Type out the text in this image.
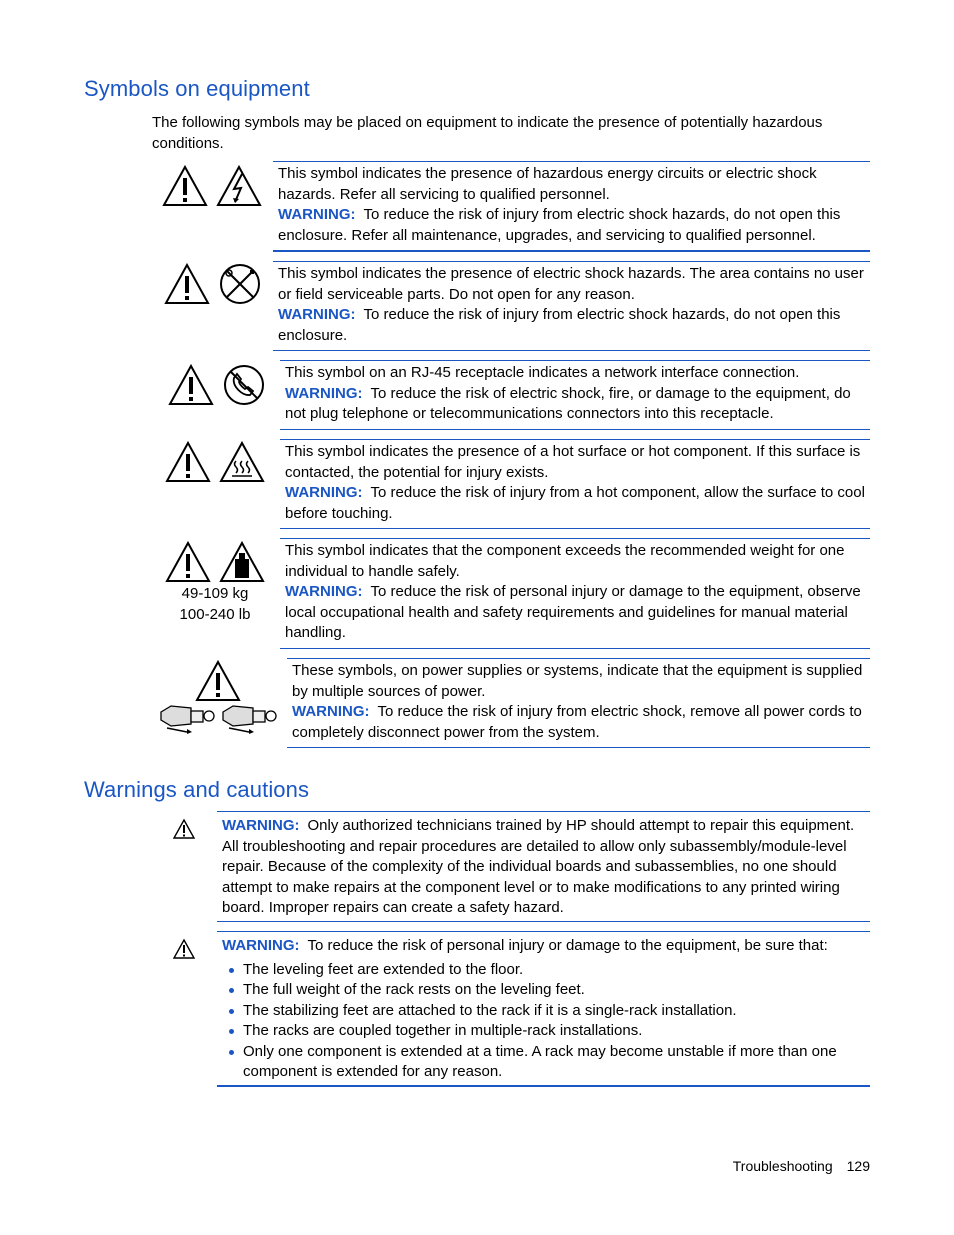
Symbols on equipment
The following symbols may be placed on equipment to indicate the presence of potentially hazardous conditions.
This symbol indicates the presence of hazardous energy circuits or electric shock hazards. Refer all servicing to qualified personnel.
WARNING: To reduce the risk of injury from electric shock hazards, do not open this enclosure. Refer all maintenance, upgrades, and servicing to qualified personnel.
This symbol indicates the presence of electric shock hazards. The area contains no user or field serviceable parts. Do not open for any reason.
WARNING: To reduce the risk of injury from electric shock hazards, do not open this enclosure.
This symbol on an RJ-45 receptacle indicates a network interface connection.
WARNING: To reduce the risk of electric shock, fire, or damage to the equipment, do not plug telephone or telecommunications connectors into this receptacle.
This symbol indicates the presence of a hot surface or hot component. If this surface is contacted, the potential for injury exists.
WARNING: To reduce the risk of injury from a hot component, allow the surface to cool before touching.
49-109 kg
100-240 lb
This symbol indicates that the component exceeds the recommended weight for one individual to handle safely.
WARNING: To reduce the risk of personal injury or damage to the equipment, observe local occupational health and safety requirements and guidelines for manual material handling.
These symbols, on power supplies or systems, indicate that the equipment is supplied by multiple sources of power.
WARNING: To reduce the risk of injury from electric shock, remove all power cords to completely disconnect power from the system.
Warnings and cautions
WARNING: Only authorized technicians trained by HP should attempt to repair this equipment. All troubleshooting and repair procedures are detailed to allow only subassembly/module-level repair. Because of the complexity of the individual boards and subassemblies, no one should attempt to make repairs at the component level or to make modifications to any printed wiring board. Improper repairs can create a safety hazard.
WARNING: To reduce the risk of personal injury or damage to the equipment, be sure that:
The leveling feet are extended to the floor.
The full weight of the rack rests on the leveling feet.
The stabilizing feet are attached to the rack if it is a single-rack installation.
The racks are coupled together in multiple-rack installations.
Only one component is extended at a time. A rack may become unstable if more than one component is extended for any reason.
Troubleshooting 129
